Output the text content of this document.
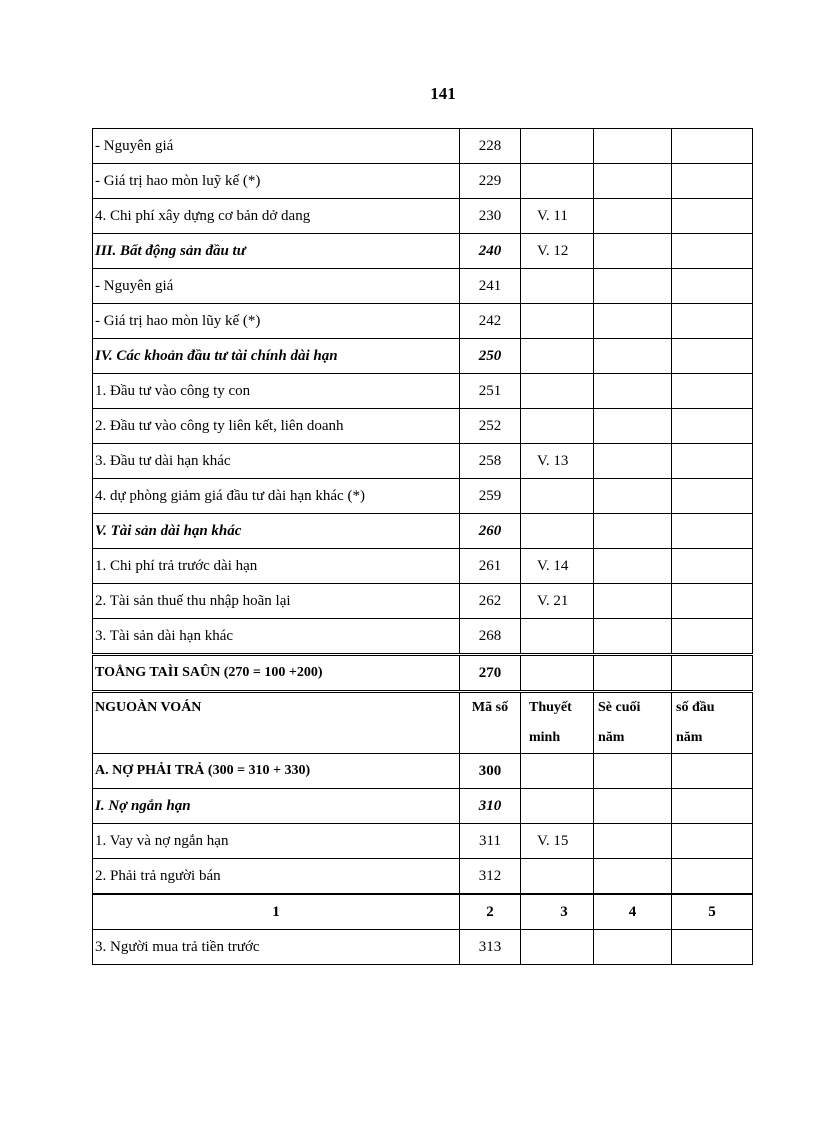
141
- Nguyên giá	228			
- Giá trị hao mòn luỹ kế (*)	229			
4. Chi phí xây dựng cơ bản dở dang	230	V. 11		
III. Bất động sản đầu tư	240	V. 12		
- Nguyên giá	241			
- Giá trị hao mòn lũy kế (*)	242			
IV. Các khoản đầu tư tài chính dài hạn	250			
1. Đầu tư vào công ty con	251			
2. Đầu tư vào công ty liên kết, liên doanh	252			
3. Đầu tư dài hạn khác	258	V. 13		
4. dự phòng giảm giá đầu tư dài hạn khác (*)	259			
V. Tài sản dài hạn khác	260			
1. Chi phí trả trước dài hạn	261	V. 14		
2. Tài sản thuế thu nhập hoãn lại	262	V. 21		
3. Tài sản dài hạn khác	268			
TOÅNG TAÌI SAÛN (270 = 100 +200)	270			
NGUOÀN VOÁN	Mã số	Thuyết	Sè cuối	số đầu
		minh	năm	năm
A. NỢ PHẢI TRẢ (300 = 310 + 330)	300			
I. Nợ ngắn hạn	310			
1. Vay và nợ ngắn hạn	311	V. 15		
2. Phải trả người bán	312			
1	2	3	4	5
3. Người mua trả tiền trước	313			
